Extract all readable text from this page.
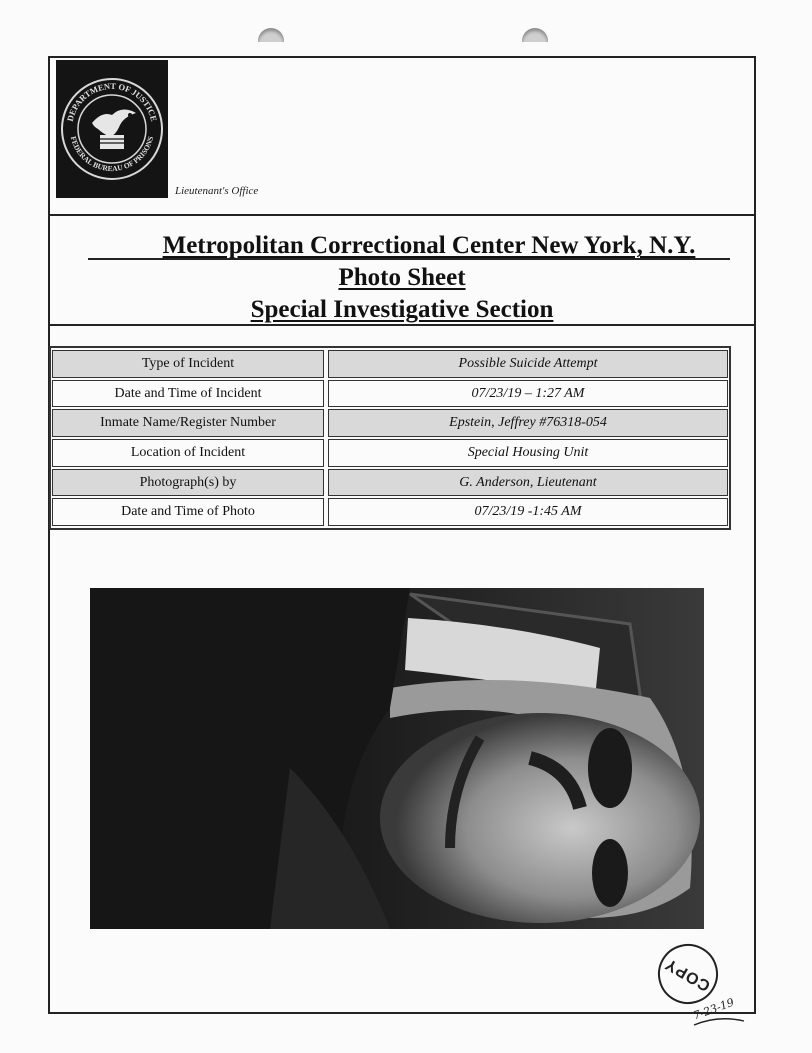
DEPARTMENT OF JUSTICE
FEDERAL BUREAU OF PRISONS
Lieutenant's Office
Metropolitan Correctional Center New York, N.Y.
Photo Sheet
Special Investigative Section
Type of Incident	Possible Suicide Attempt
Date and Time of Incident	07/23/19 – 1:27 AM
Inmate Name/Register Number	Epstein, Jeffrey #76318-054
Location of Incident	Special Housing Unit
Photograph(s) by	G. Anderson, Lieutenant
Date and Time of Photo	07/23/19 -1:45 AM
COPY
7-23-19
